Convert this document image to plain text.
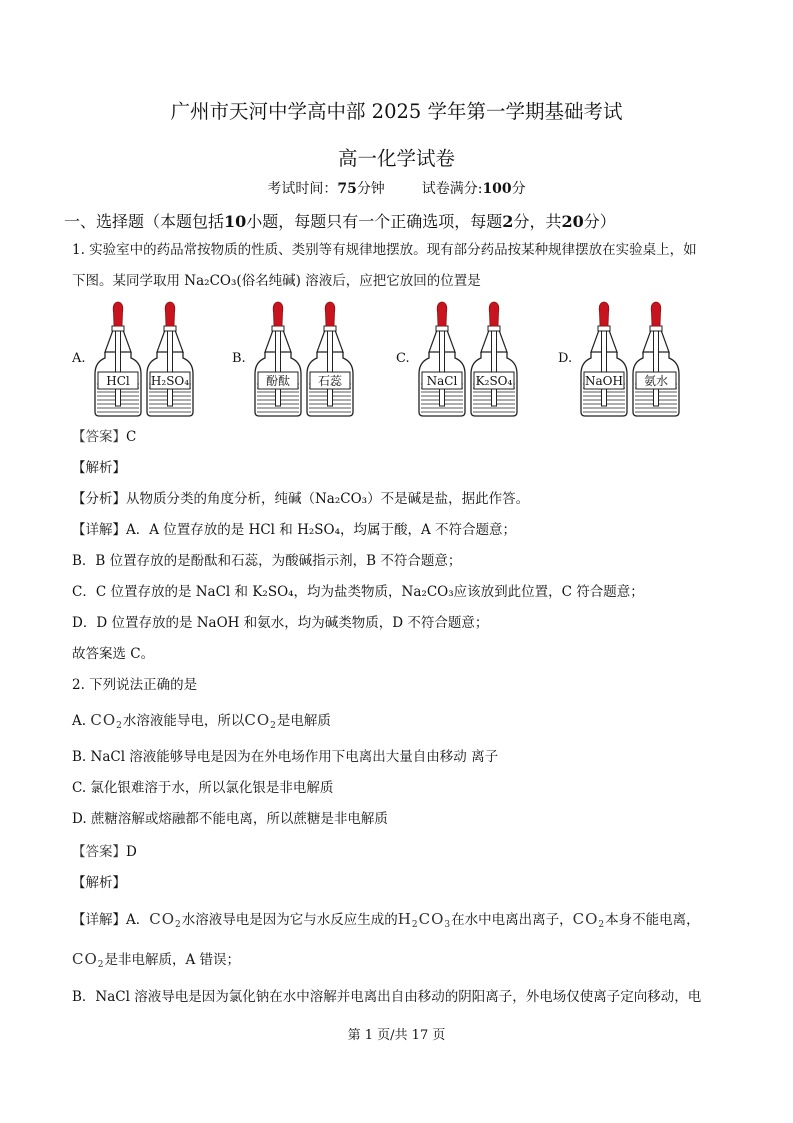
广州市天河中学高中部 2025 学年第一学期基础考试
高一化学试卷
考试时间：75分钟	试卷满分:100分
一、选择题（本题包括10小题，每题只有一个正确选项，每题2分，共20分）
1. 实验室中的药品常按物质的性质、类别等有规律地摆放。现有部分药品按某种规律摆放在实验桌上，如
下图。某同学取用 Na₂CO₃(俗名纯碱) 溶液后，应把它放回的位置是
A.
HCl H₂SO₄
B.
酚酞 石蕊
C.
NaCl K₂SO₄
D.
NaOH 氨水
【答案】C
【解析】
【分析】从物质分类的角度分析，纯碱（Na₂CO₃）不是碱是盐，据此作答。
【详解】A．A 位置存放的是 HCl 和 H₂SO₄，均属于酸，A 不符合题意；
B．B 位置存放的是酚酞和石蕊，为酸碱指示剂，B 不符合题意；
C．C 位置存放的是 NaCl 和 K₂SO₄，均为盐类物质，Na₂CO₃应该放到此位置，C 符合题意；
D．D 位置存放的是 NaOH 和氨水，均为碱类物质，D 不符合题意；
故答案选 C。
2. 下列说法正确的是
A. $CO_2$水溶液能导电，所以$CO_2$是电解质
B. NaCl 溶液能够导电是因为在外电场作用下电离出大量自由移动 离子
C. 氯化银难溶于水，所以氯化银是非电解质
D. 蔗糖溶解或熔融都不能电离，所以蔗糖是非电解质
【答案】D
【解析】
【详解】A．$CO_2$水溶液导电是因为它与水反应生成的$H_2CO_3$在水中电离出离子，$CO_2$本身不能电离，
$CO_2$是非电解质，A 错误；
B．NaCl 溶液导电是因为氯化钠在水中溶解并电离出自由移动的阴阳离子，外电场仅使离子定向移动，电
第 1 页/共 17 页
